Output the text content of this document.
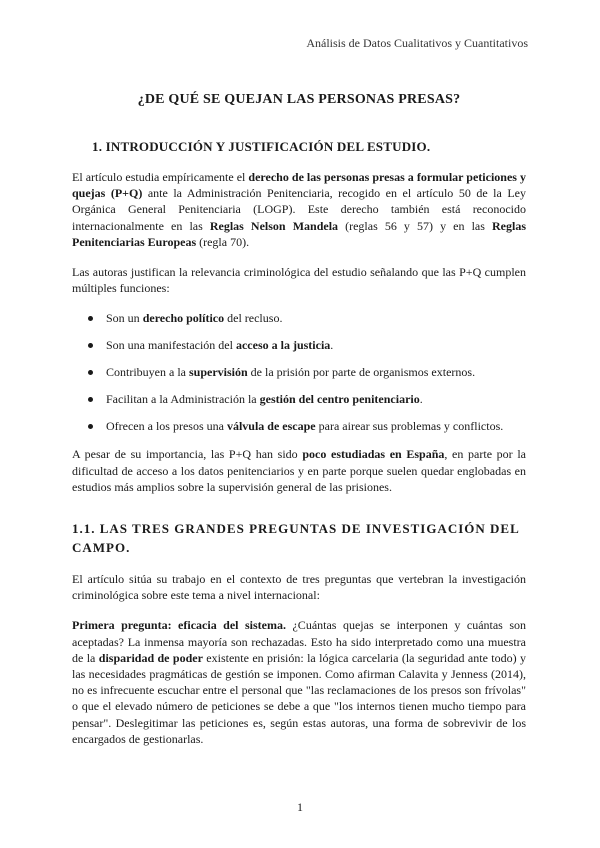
Análisis de Datos Cualitativos y Cuantitativos
¿DE QUÉ SE QUEJAN LAS PERSONAS PRESAS?
1. INTRODUCCIÓN Y JUSTIFICACIÓN DEL ESTUDIO.

El artículo estudia empíricamente el derecho de las personas presas a formular peticiones y quejas (P+Q) ante la Administración Penitenciaria, recogido en el artículo 50 de la Ley Orgánica General Penitenciaria (LOGP). Este derecho también está reconocido internacionalmente en las Reglas Nelson Mandela (reglas 56 y 57) y en las Reglas Penitenciarias Europeas (regla 70).

Las autoras justifican la relevancia criminológica del estudio señalando que las P+Q cumplen múltiples funciones:

Son un derecho político del recluso.
Son una manifestación del acceso a la justicia.
Contribuyen a la supervisión de la prisión por parte de organismos externos.
Facilitan a la Administración la gestión del centro penitenciario.
Ofrecen a los presos una válvula de escape para airear sus problemas y conflictos.

A pesar de su importancia, las P+Q han sido poco estudiadas en España, en parte por la dificultad de acceso a los datos penitenciarios y en parte porque suelen quedar englobadas en estudios más amplios sobre la supervisión general de las prisiones.

1.1. LAS TRES GRANDES PREGUNTAS DE INVESTIGACIÓN DEL CAMPO.

El artículo sitúa su trabajo en el contexto de tres preguntas que vertebran la investigación criminológica sobre este tema a nivel internacional:

Primera pregunta: eficacia del sistema. ¿Cuántas quejas se interponen y cuántas son aceptadas? La inmensa mayoría son rechazadas. Esto ha sido interpretado como una muestra de la disparidad de poder existente en prisión: la lógica carcelaria (la seguridad ante todo) y las necesidades pragmáticas de gestión se imponen. Como afirman Calavita y Jenness (2014), no es infrecuente escuchar entre el personal que "las reclamaciones de los presos son frívolas" o que el elevado número de peticiones se debe a que "los internos tienen mucho tiempo para pensar". Deslegitimar las peticiones es, según estas autoras, una forma de sobrevivir de los encargados de gestionarlas.

1
